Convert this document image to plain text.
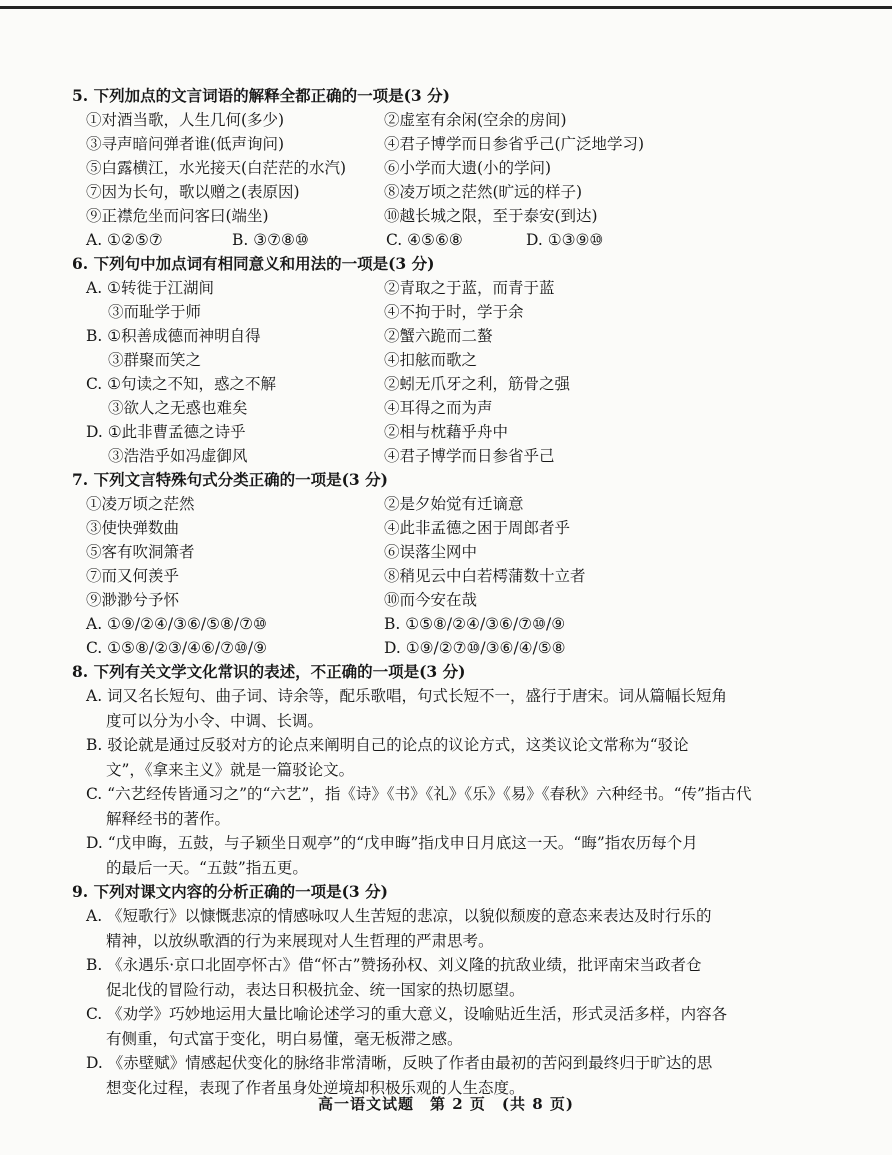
5. 下列加点的文言词语的解释全都正确的一项是(3 分)
①对酒当歌，人生几何(多少)	②虚室有余闲(空余的房间)
③寻声暗问弹者谁(低声询问)	④君子博学而日参省乎己(广泛地学习)
⑤白露横江，水光接天(白茫茫的水汽)	⑥小学而大遗(小的学问)
⑦因为长句，歌以赠之(表原因)	⑧凌万顷之茫然(旷远的样子)
⑨正襟危坐而问客曰(端坐)	⑩越长城之限，至于泰安(到达)
A. ①②⑤⑦	B. ③⑦⑧⑩	C. ④⑤⑥⑧	D. ①③⑨⑩
6. 下列句中加点词有相同意义和用法的一项是(3 分)
A. ①转徙于江湖间	②青取之于蓝，而青于蓝
③而耻学于师	④不拘于时，学于余
B. ①积善成德而神明自得	②蟹六跪而二螯
③群聚而笑之	④扣舷而歌之
C. ①句读之不知，惑之不解	②蚓无爪牙之利，筋骨之强
③欲人之无惑也难矣	④耳得之而为声
D. ①此非曹孟德之诗乎	②相与枕藉乎舟中
③浩浩乎如冯虚御风	④君子博学而日参省乎己
7. 下列文言特殊句式分类正确的一项是(3 分)
①凌万顷之茫然	②是夕始觉有迁谪意
③使快弹数曲	④此非孟德之困于周郎者乎
⑤客有吹洞箫者	⑥误落尘网中
⑦而又何羡乎	⑧稍见云中白若樗蒲数十立者
⑨渺渺兮予怀	⑩而今安在哉
A. ①⑨/②④/③⑥/⑤⑧/⑦⑩	B. ①⑤⑧/②④/③⑥/⑦⑩/⑨
C. ①⑤⑧/②③/④⑥/⑦⑩/⑨	D. ①⑨/②⑦⑩/③⑥/④/⑤⑧
8. 下列有关文学文化常识的表述，不正确的一项是(3 分)
A. 词又名长短句、曲子词、诗余等，配乐歌唱，句式长短不一，盛行于唐宋。词从篇幅长短角
度可以分为小令、中调、长调。
B. 驳论就是通过反驳对方的论点来阐明自己的论点的议论方式，这类议论文常称为“驳论
文”，《拿来主义》就是一篇驳论文。
C. “六艺经传皆通习之”的“六艺”，指《诗》《书》《礼》《乐》《易》《春秋》六种经书。“传”指古代
解释经书的著作。
D. “戊申晦，五鼓，与子颖坐日观亭”的“戊申晦”指戊申日月底这一天。“晦”指农历每个月
的最后一天。“五鼓”指五更。
9. 下列对课文内容的分析正确的一项是(3 分)
A. 《短歌行》以慷慨悲凉的情感咏叹人生苦短的悲凉，以貌似颓废的意态来表达及时行乐的
精神，以放纵歌酒的行为来展现对人生哲理的严肃思考。
B. 《永遇乐·京口北固亭怀古》借“怀古”赞扬孙权、刘义隆的抗敌业绩，批评南宋当政者仓
促北伐的冒险行动，表达日积极抗金、统一国家的热切愿望。
C. 《劝学》巧妙地运用大量比喻论述学习的重大意义，设喻贴近生活，形式灵活多样，内容各
有侧重，句式富于变化，明白易懂，毫无板滞之感。
D. 《赤壁赋》情感起伏变化的脉络非常清晰，反映了作者由最初的苦闷到最终归于旷达的思
想变化过程，表现了作者虽身处逆境却积极乐观的人生态度。
高一语文试题　第 2 页　(共 8 页)
